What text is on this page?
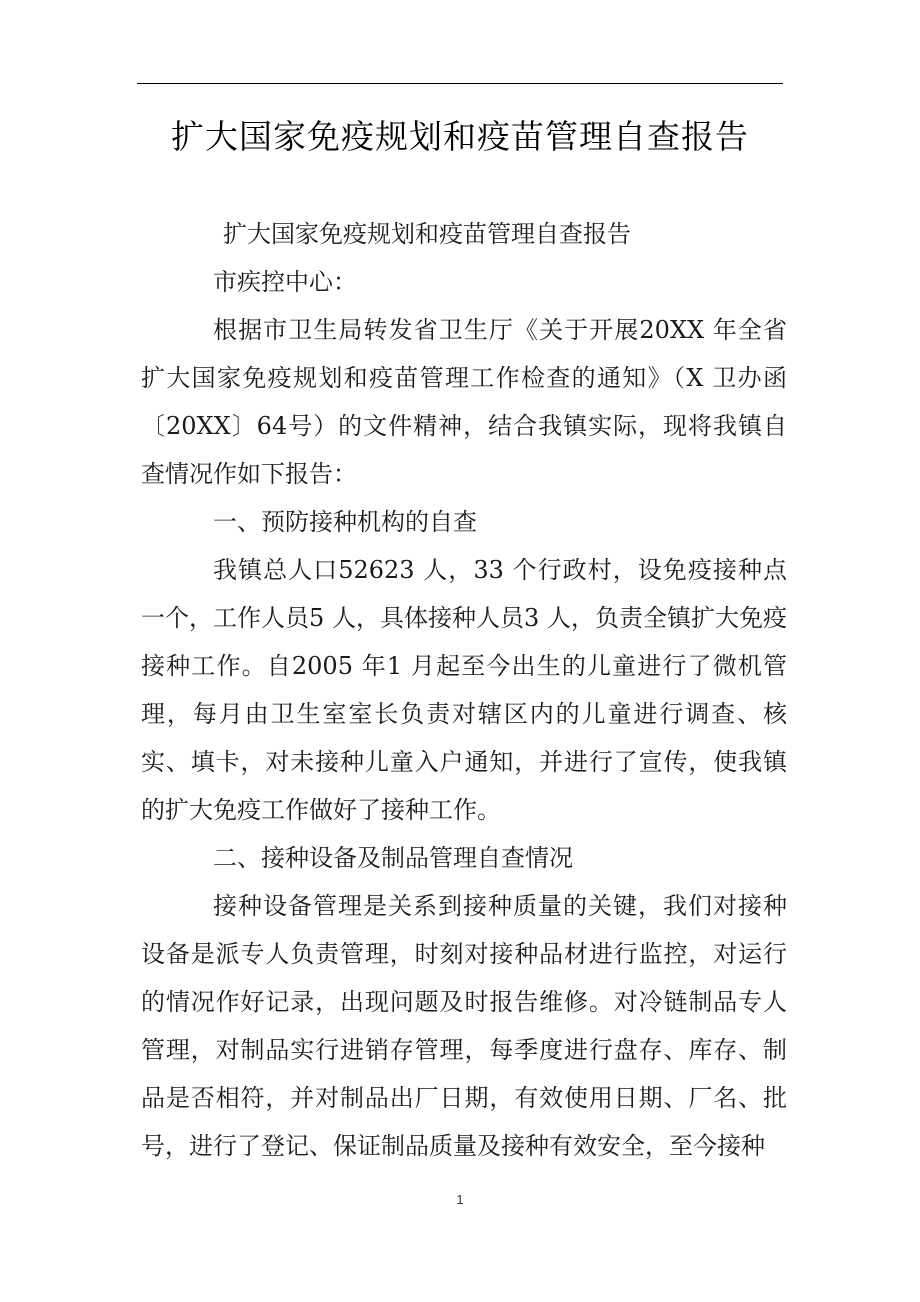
扩大国家免疫规划和疫苗管理自查报告

扩大国家免疫规划和疫苗管理自查报告

市疾控中心：

根据市卫生局转发省卫生厅《关于开展20XX 年全省扩大国家免疫规划和疫苗管理工作检查的通知》（X 卫办函〔20XX〕64号）的文件精神，结合我镇实际，现将我镇自查情况作如下报告：

一、预防接种机构的自查

我镇总人口52623 人，33 个行政村，设免疫接种点一个，工作人员5 人，具体接种人员3 人，负责全镇扩大免疫接种工作。自2005 年1 月起至今出生的儿童进行了微机管理，每月由卫生室室长负责对辖区内的儿童进行调查、核实、填卡，对未接种儿童入户通知，并进行了宣传，使我镇的扩大免疫工作做好了接种工作。

二、接种设备及制品管理自查情况

接种设备管理是关系到接种质量的关键，我们对接种设备是派专人负责管理，时刻对接种品材进行监控，对运行的情况作好记录，出现问题及时报告维修。对冷链制品专人管理，对制品实行进销存管理，每季度进行盘存、库存、制品是否相符，并对制品出厂日期，有效使用日期、厂名、批号，进行了登记、保证制品质量及接种有效安全，至今接种

1
